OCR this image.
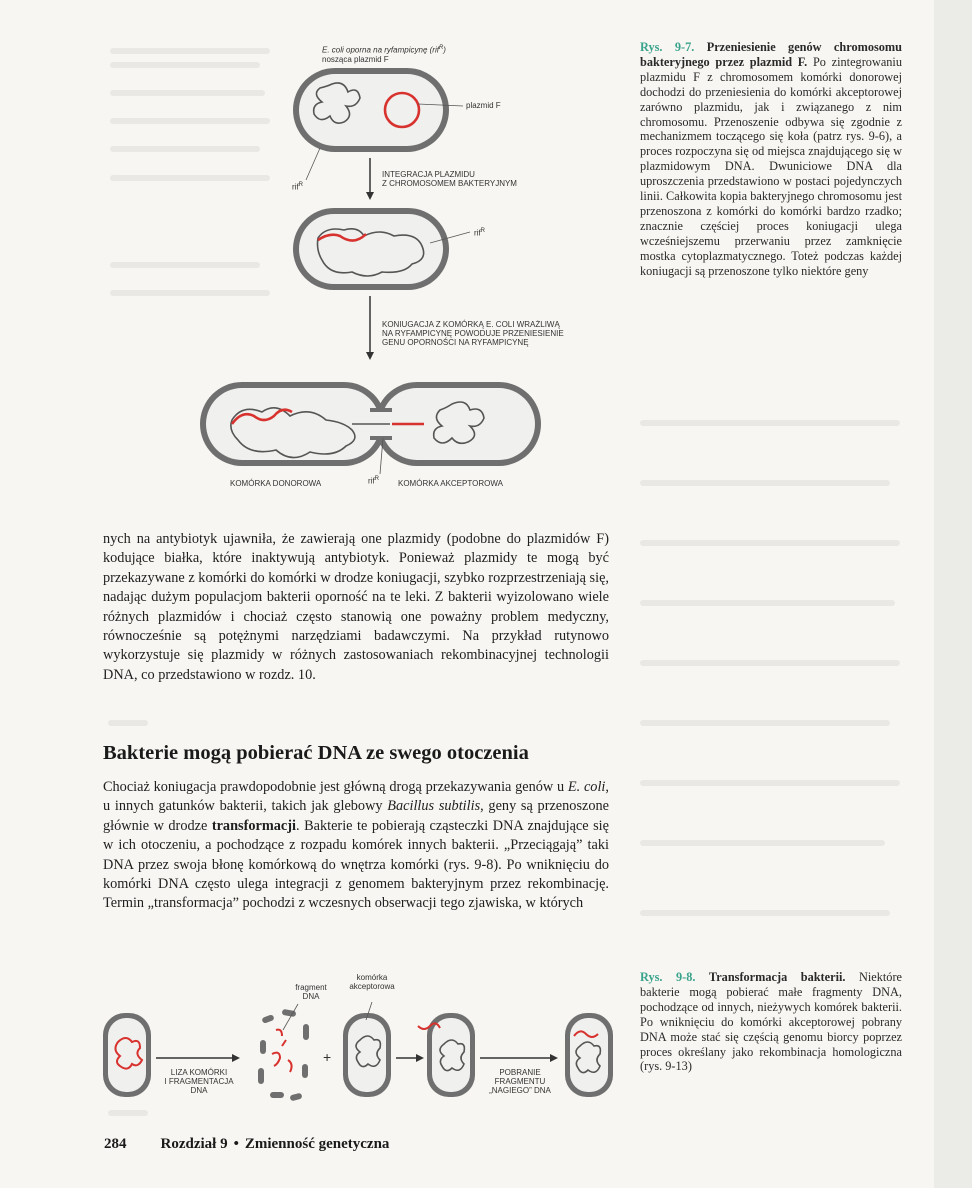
+
E. coli oporna na ryfampicynę (rif$^R$)
nosząca plazmid F
plazmid F
rif$^R$
INTEGRACJA PLAZMIDU
Z CHROMOSOMEM BAKTERYJNYM
rif$^R$
KONIUGACJA Z KOMÓRKĄ E. COLI WRAŻLIWĄ
NA RYFAMPICYNĘ POWODUJE PRZENIESIENIE
GENU OPORNOŚCI NA RYFAMPICYNĘ
KOMÓRKA DONOROWA	rif$^R$ KOMÓRKA AKCEPTOROWA
Rys. 9-7. Przeniesienie genów chromosomu bakteryjnego przez plazmid F. Po zintegrowaniu plazmidu F z chromosomem komórki donorowej dochodzi do przeniesienia do komórki akceptorowej zarówno plazmidu, jak i związanego z nim chromosomu. Przenoszenie odbywa się zgodnie z mechanizmem toczącego się koła (patrz rys. 9-6), a proces rozpoczyna się od miejsca znajdującego się w plazmidowym DNA. Dwuniciowe DNA dla uproszczenia przedstawiono w postaci pojedynczych linii. Całkowita kopia bakteryjnego chromosomu jest przenoszona z komórki do komórki bardzo rzadko; znacznie częściej proces koniugacji ulega wcześniejszemu przerwaniu przez zamknięcie mostka cytoplazmatycznego. Toteż podczas każdej koniugacji są przenoszone tylko niektóre geny
nych na antybiotyk ujawniła, że zawierają one plazmidy (podobne do plazmidów F) kodujące białka, które inaktywują antybiotyk. Ponieważ plazmidy te mogą być przekazywane z komórki do komórki w drodze koniugacji, szybko rozprzestrzeniają się, nadając dużym populacjom bakterii oporność na te leki. Z bakterii wyizolowano wiele różnych plazmidów i chociaż często stanowią one poważny problem medyczny, równocześnie są potężnymi narzędziami badawczymi. Na przykład rutynowo wykorzystuje się plazmidy w różnych zastosowaniach rekombinacyjnej technologii DNA, co przedstawiono w rozdz. 10.
Bakterie mogą pobierać DNA ze swego otoczenia
Chociaż koniugacja prawdopodobnie jest główną drogą przekazywania genów u E. coli, u innych gatunków bakterii, takich jak glebowy Bacillus subtilis, geny są przenoszone głównie w drodze transformacji. Bakterie te pobierają cząsteczki DNA znajdujące się w ich otoczeniu, a pochodzące z rozpadu komórek innych bakterii. „Przeciągają” taki DNA przez swoja błonę komórkową do wnętrza komórki (rys. 9-8). Po wniknięciu do komórki DNA często ulega integracji z genomem bakteryjnym przez rekombinację. Termin „transformacja” pochodzi z wczesnych obserwacji tego zjawiska, w których
fragment
DNA
komórka
akceptorowa
LIZA KOMÓRKI
I FRAGMENTACJA
DNA
POBRANIE
FRAGMENTU
„NAGIEGO” DNA
Rys. 9-8. Transformacja bakterii. Niektóre bakterie mogą pobierać małe fragmenty DNA, pochodzące od innych, nieżywych komórek bakterii. Po wniknięciu do komórki akceptorowej pobrany DNA może stać się częścią genomu biorcy poprzez proces określany jako rekombinacja homologiczna (rys. 9-13)
284 Rozdział 9 • Zmienność genetyczna
